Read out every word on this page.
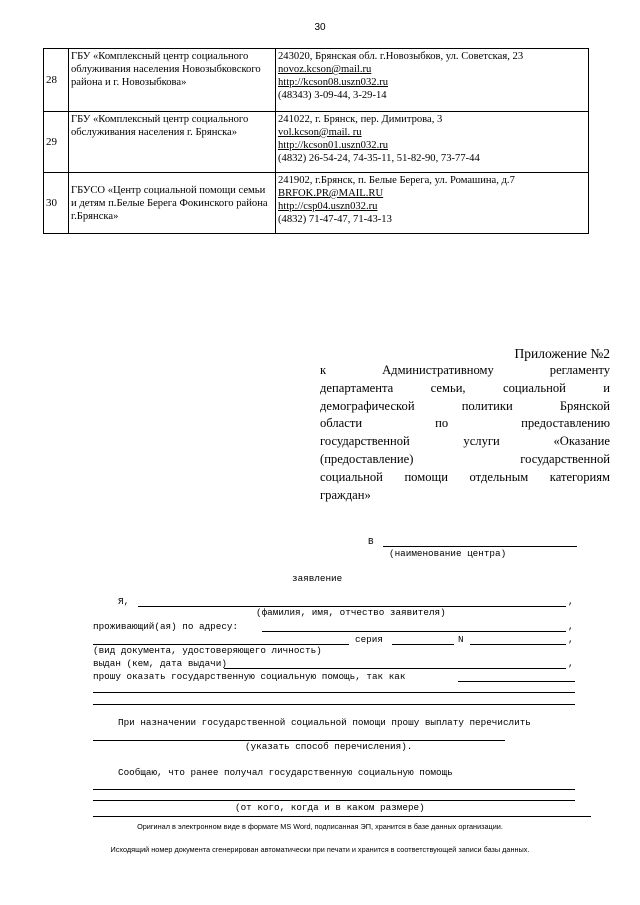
30
28	ГБУ «Комплексный центр социального облуживания населения Новозыбковского района и г. Новозыбкова»	243020, Брянская обл. г.Новозыбков, ул. Советская, 23
novoz.kcson@mail.ru
http://kcson08.uszn032.ru
(48343) 3-09-44, 3-29-14

29	ГБУ «Комплексный центр социального обслуживания населения г. Брянска»	241022, г. Брянск, пер. Димитрова, 3
vol.kcson@mail. ru
http://kcson01.uszn032.ru
(4832) 26-54-24, 74-35-11, 51-82-90, 73-77-44

30	ГБУСО «Центр социальной помощи семьи и детям п.Белые Берега Фокинского района г.Брянска»	241902, г.Брянск, п. Белые Берега, ул. Ромашина, д.7
BRFOK.PR@MAIL.RU
http://csp04.uszn032.ru
(4832) 71-47-47, 71-43-13
Приложение №2
к Административному регламенту
департамента семьи, социальной и
демографической политики Брянской
области по предоставлению
государственной услуги «Оказание
(предоставление) государственной
социальной помощи отдельным категориям
граждан»
В
(наименование центра)
заявление
Я,	,
(фамилия, имя, отчество заявителя)
проживающий(ая) по адресу:	,
серия	N	,
(вид документа, удостоверяющего личность)
выдан (кем, дата выдачи)	,
прошу оказать государственную социальную помощь, так как
При назначении государственной социальной помощи прошу выплату перечислить
(указать способ перечисления).
Сообщаю, что ранее получал государственную социальную помощь
(от кого, когда и в каком размере)
Оригинал в электронном виде в формате MS Word, подписанная ЭП, хранится в базе данных организации.
Исходящий номер документа сгенерирован автоматически при печати и хранится в соответствующей записи базы данных.
